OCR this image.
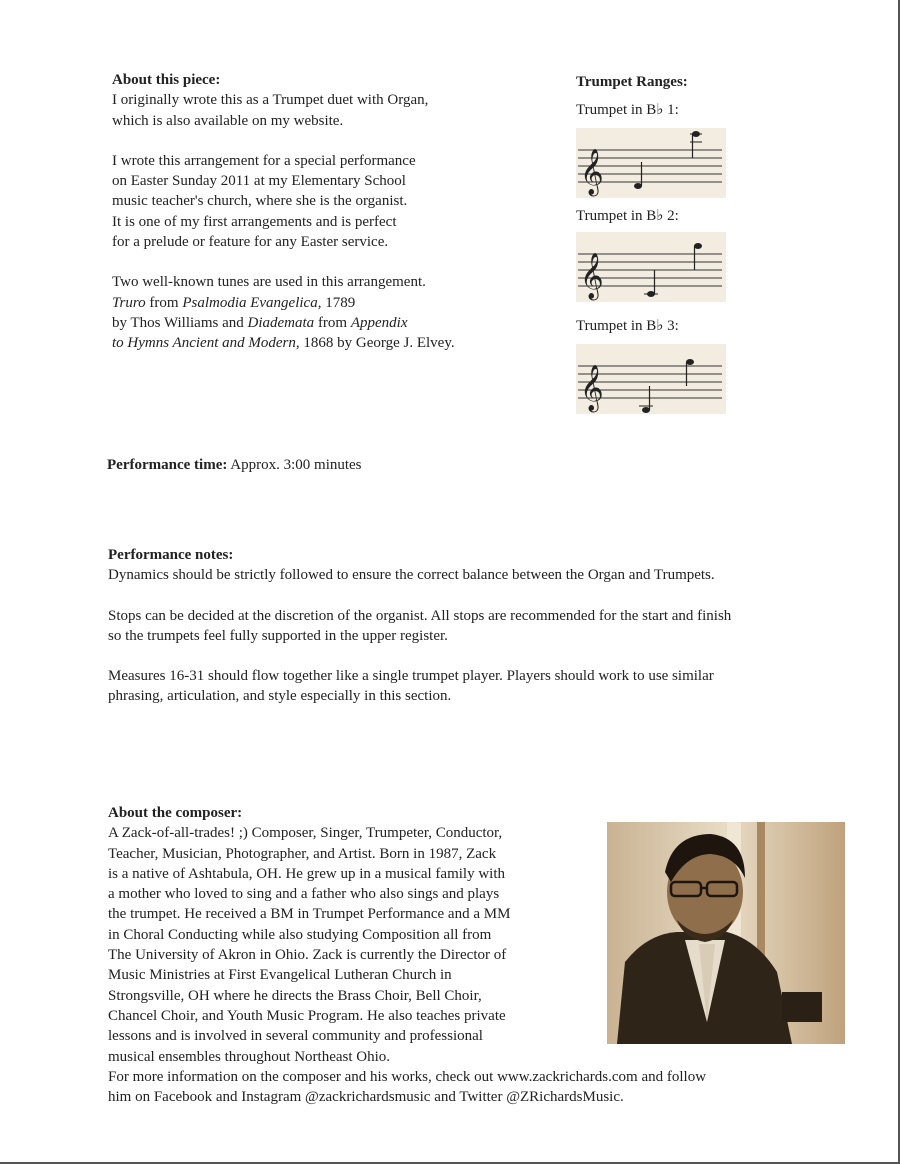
About this piece:
I originally wrote this as a Trumpet duet with Organ,
which is also available on my website.
I wrote this arrangement for a special performance
on Easter Sunday 2011 at my Elementary School
music teacher's church, where she is the organist.
It is one of my first arrangements and is perfect
for a prelude or feature for any Easter service.
Two well-known tunes are used in this arrangement.
Truro from Psalmodia Evangelica, 1789
by Thos Williams and Diademata from Appendix
to Hymns Ancient and Modern, 1868 by George J. Elvey.
Trumpet Ranges:
Trumpet in B♭ 1:
𝄞
Trumpet in B♭ 2:
𝄞
Trumpet in B♭ 3:
𝄞
Performance time: Approx. 3:00 minutes
Performance notes:
Dynamics should be strictly followed to ensure the correct balance between the Organ and Trumpets.
Stops can be decided at the discretion of the organist. All stops are recommended for the start and finish
so the trumpets feel fully supported in the upper register.
Measures 16-31 should flow together like a single trumpet player. Players should work to use similar
phrasing, articulation, and style especially in this section.
About the composer:
A Zack-of-all-trades! ;) Composer, Singer, Trumpeter, Conductor,
Teacher, Musician, Photographer, and Artist. Born in 1987, Zack
is a native of Ashtabula, OH. He grew up in a musical family with
a mother who loved to sing and a father who also sings and plays
the trumpet. He received a BM in Trumpet Performance and a MM
in Choral Conducting while also studying Composition all from
The University of Akron in Ohio. Zack is currently the Director of
Music Ministries at First Evangelical Lutheran Church in
Strongsville, OH where he directs the Brass Choir, Bell Choir,
Chancel Choir, and Youth Music Program. He also teaches private
lessons and is involved in several community and professional
musical ensembles throughout Northeast Ohio.
For more information on the composer and his works, check out www.zackrichards.com and follow
him on Facebook and Instagram @zackrichardsmusic and Twitter @ZRichardsMusic.
